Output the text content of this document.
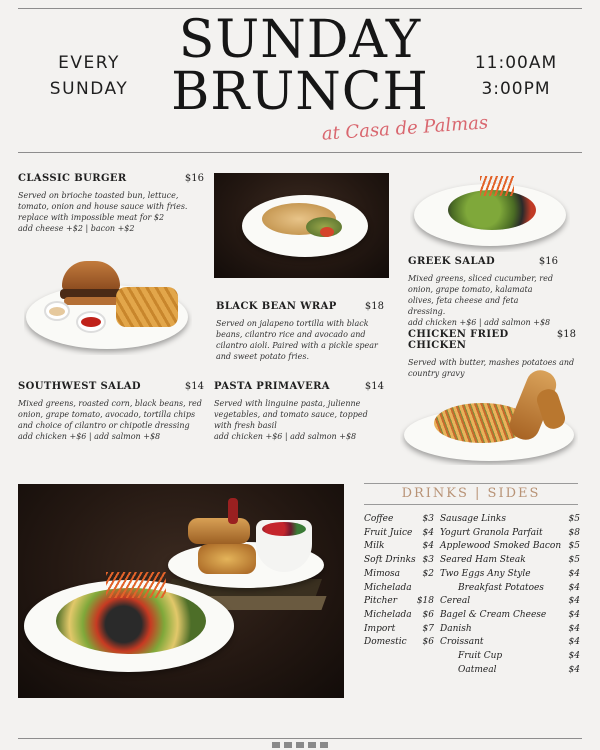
EVERY
SUNDAY
SUNDAY
BRUNCH
at Casa de Palmas
11:00AM
3:00PM
CLASSIC BURGER	$16
Served on brioche toasted bun, lettuce, tomato, onion and house sauce with fries. replace with impossible meat for $2
add cheese +$2 | bacon +$2
GREEK SALAD	$16
Mixed greens, sliced cucumber, red onion, grape tomato, kalamata olives, feta cheese and feta dressing.
add chicken +$6 | add salmon +$8
BLACK BEAN WRAP	$18
Served on jalapeno tortilla with black beans, cilantro rice and avocado and cilantro aioli. Paired with a pickle spear and sweet potato fries.
CHICKEN FRIED CHICKEN
$18
Served with butter, mashes potatoes and country gravy
SOUTHWEST SALAD	$14
Mixed greens, roasted corn, black beans, red onion, grape tomato, avocado, tortilla chips and choice of cilantro or chipotle dressing
add chicken +$6 | add salmon +$8
PASTA PRIMAVERA	$14
Served with linguine pasta, julienne vegetables, and tomato sauce, topped with fresh basil
add chicken +$6 | add salmon +$8
DRINKS | SIDES
Coffee	$3
Fruit Juice $4
Milk	$4
Soft Drinks $3
Mimosa	$2
Michelada
Pitcher $18
Michelada $6
Import	$7
Domestic $6
Sausage Links	$5
Yogurt Granola Parfait	$8
Applewood Smoked Bacon $5
Seared Ham Steak	$5
Two Eggs Any Style	$4
Breakfast Potatoes	$4
Cereal	$4
Bagel & Cream Cheese $4
Danish	$4
Croissant	$4
Fruit Cup	$4
Oatmeal	$4
